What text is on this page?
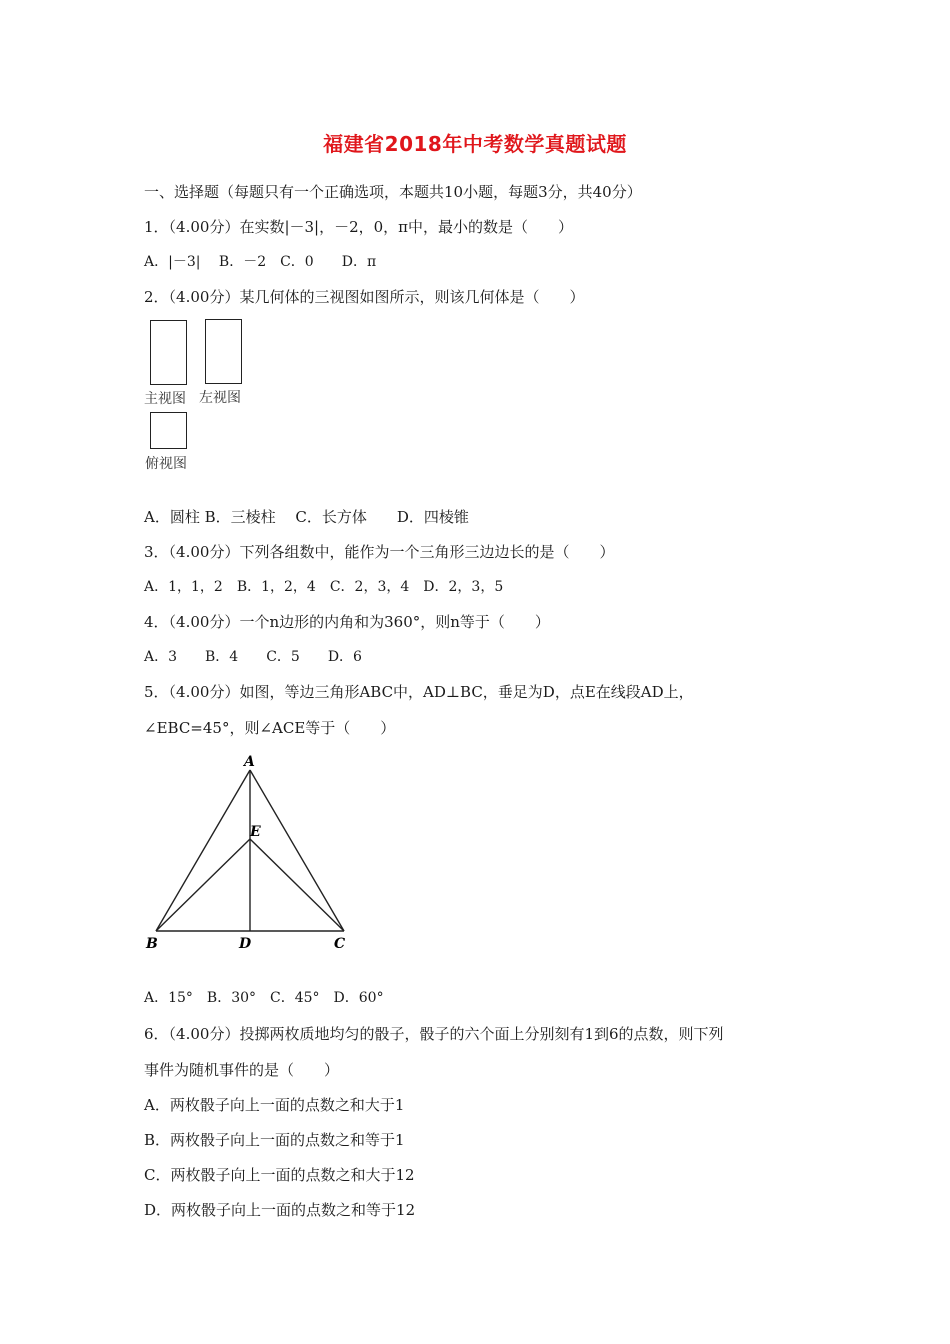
福建省2018年中考数学真题试题
一、选择题（每题只有一个正确选项，本题共10小题，每题3分，共40分）
1．（4.00分）在实数|－3|，－2，0，π中，最小的数是（　　）
A．|－3|　 B．－2　C．0　　D．π
2．（4.00分）某几何体的三视图如图所示，则该几何体是（　　）
主视图 左视图
俯视图
A．圆柱 B．三棱柱　 C．长方体　　D．四棱锥
3．（4.00分）下列各组数中，能作为一个三角形三边边长的是（　　）
A．1，1，2　B．1，2，4　C．2，3，4　D．2，3，5
4．（4.00分）一个n边形的内角和为360°，则n等于（　　）
A．3　　B．4　　C．5　　D．6
5．（4.00分）如图，等边三角形ABC中，AD⊥BC，垂足为D，点E在线段AD上，
∠EBC=45°，则∠ACE等于（　　）
A
E
B	D	C
A．15°　B．30°　C．45°　D．60°
6．（4.00分）投掷两枚质地均匀的骰子，骰子的六个面上分别刻有1到6的点数，则下列
事件为随机事件的是（　　）
A．两枚骰子向上一面的点数之和大于1
B．两枚骰子向上一面的点数之和等于1
C．两枚骰子向上一面的点数之和大于12
D．两枚骰子向上一面的点数之和等于12
